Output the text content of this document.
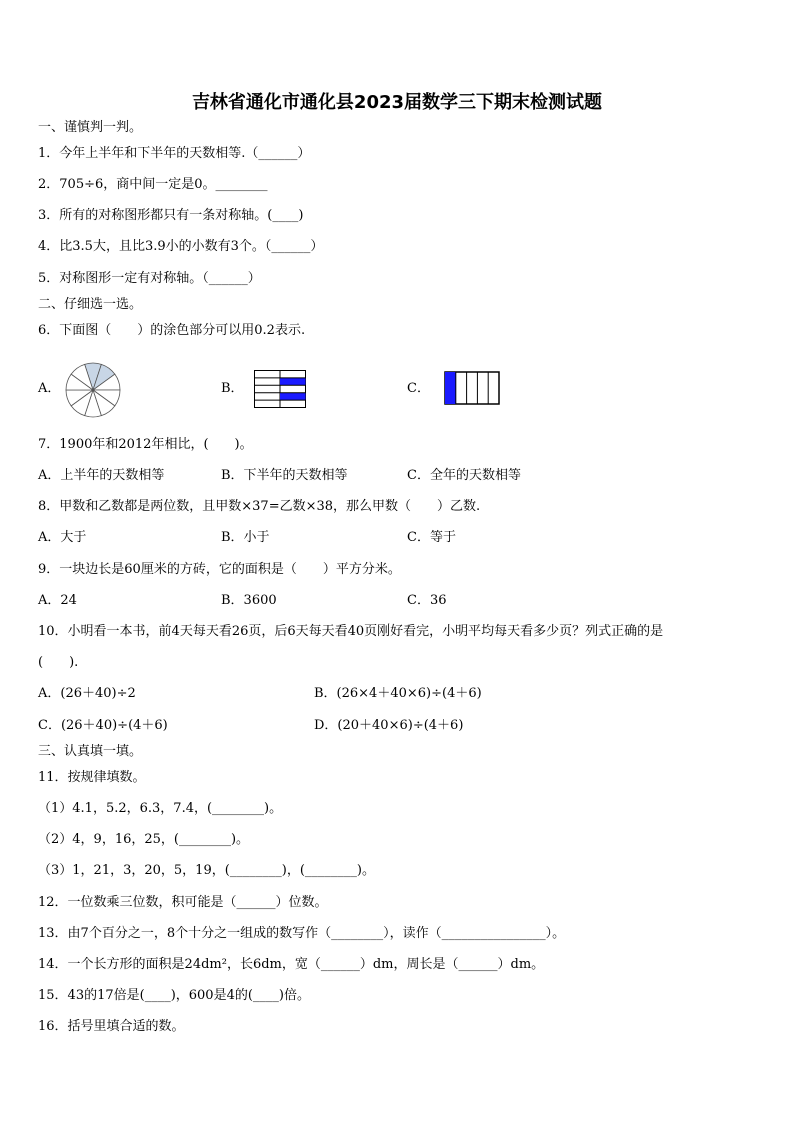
吉林省通化市通化县2023届数学三下期末检测试题
一、谨慎判一判。
1．今年上半年和下半年的天数相等.（______）
2．705÷6，商中间一定是0。________
3．所有的对称图形都只有一条对称轴。(____)
4．比3.5大，且比3.9小的小数有3个。（______）
5．对称图形一定有对称轴。（______）
二、仔细选一选。
6．下面图（　　）的涂色部分可以用0.2表示.
A．	B．	C．
7．1900年和2012年相比，(　　)。
A．上半年的天数相等	B．下半年的天数相等	C．全年的天数相等
8．甲数和乙数都是两位数，且甲数×37=乙数×38，那么甲数（　　）乙数.
A．大于	B．小于	C．等于
9．一块边长是60厘米的方砖，它的面积是（　　）平方分米。
A．24	B．3600	C．36
10．小明看一本书，前4天每天看26页，后6天每天看40页刚好看完，小明平均每天看多少页？列式正确的是
(　　).
A．(26＋40)÷2	B．(26×4＋40×6)÷(4＋6)
C．(26＋40)÷(4＋6)	D．(20＋40×6)÷(4＋6)
三、认真填一填。
11．按规律填数。
（1）4.1，5.2，6.3，7.4，(________)。
（2）4，9，16，25，(________)。
（3）1，21，3，20，5，19，(________)，(________)。
12．一位数乘三位数，积可能是（______）位数。
13．由7个百分之一，8个十分之一组成的数写作（________），读作（________________）。
14．一个长方形的面积是24dm²，长6dm，宽（______）dm，周长是（______）dm。
15．43的17倍是(____)，600是4的(____)倍。
16．括号里填合适的数。
